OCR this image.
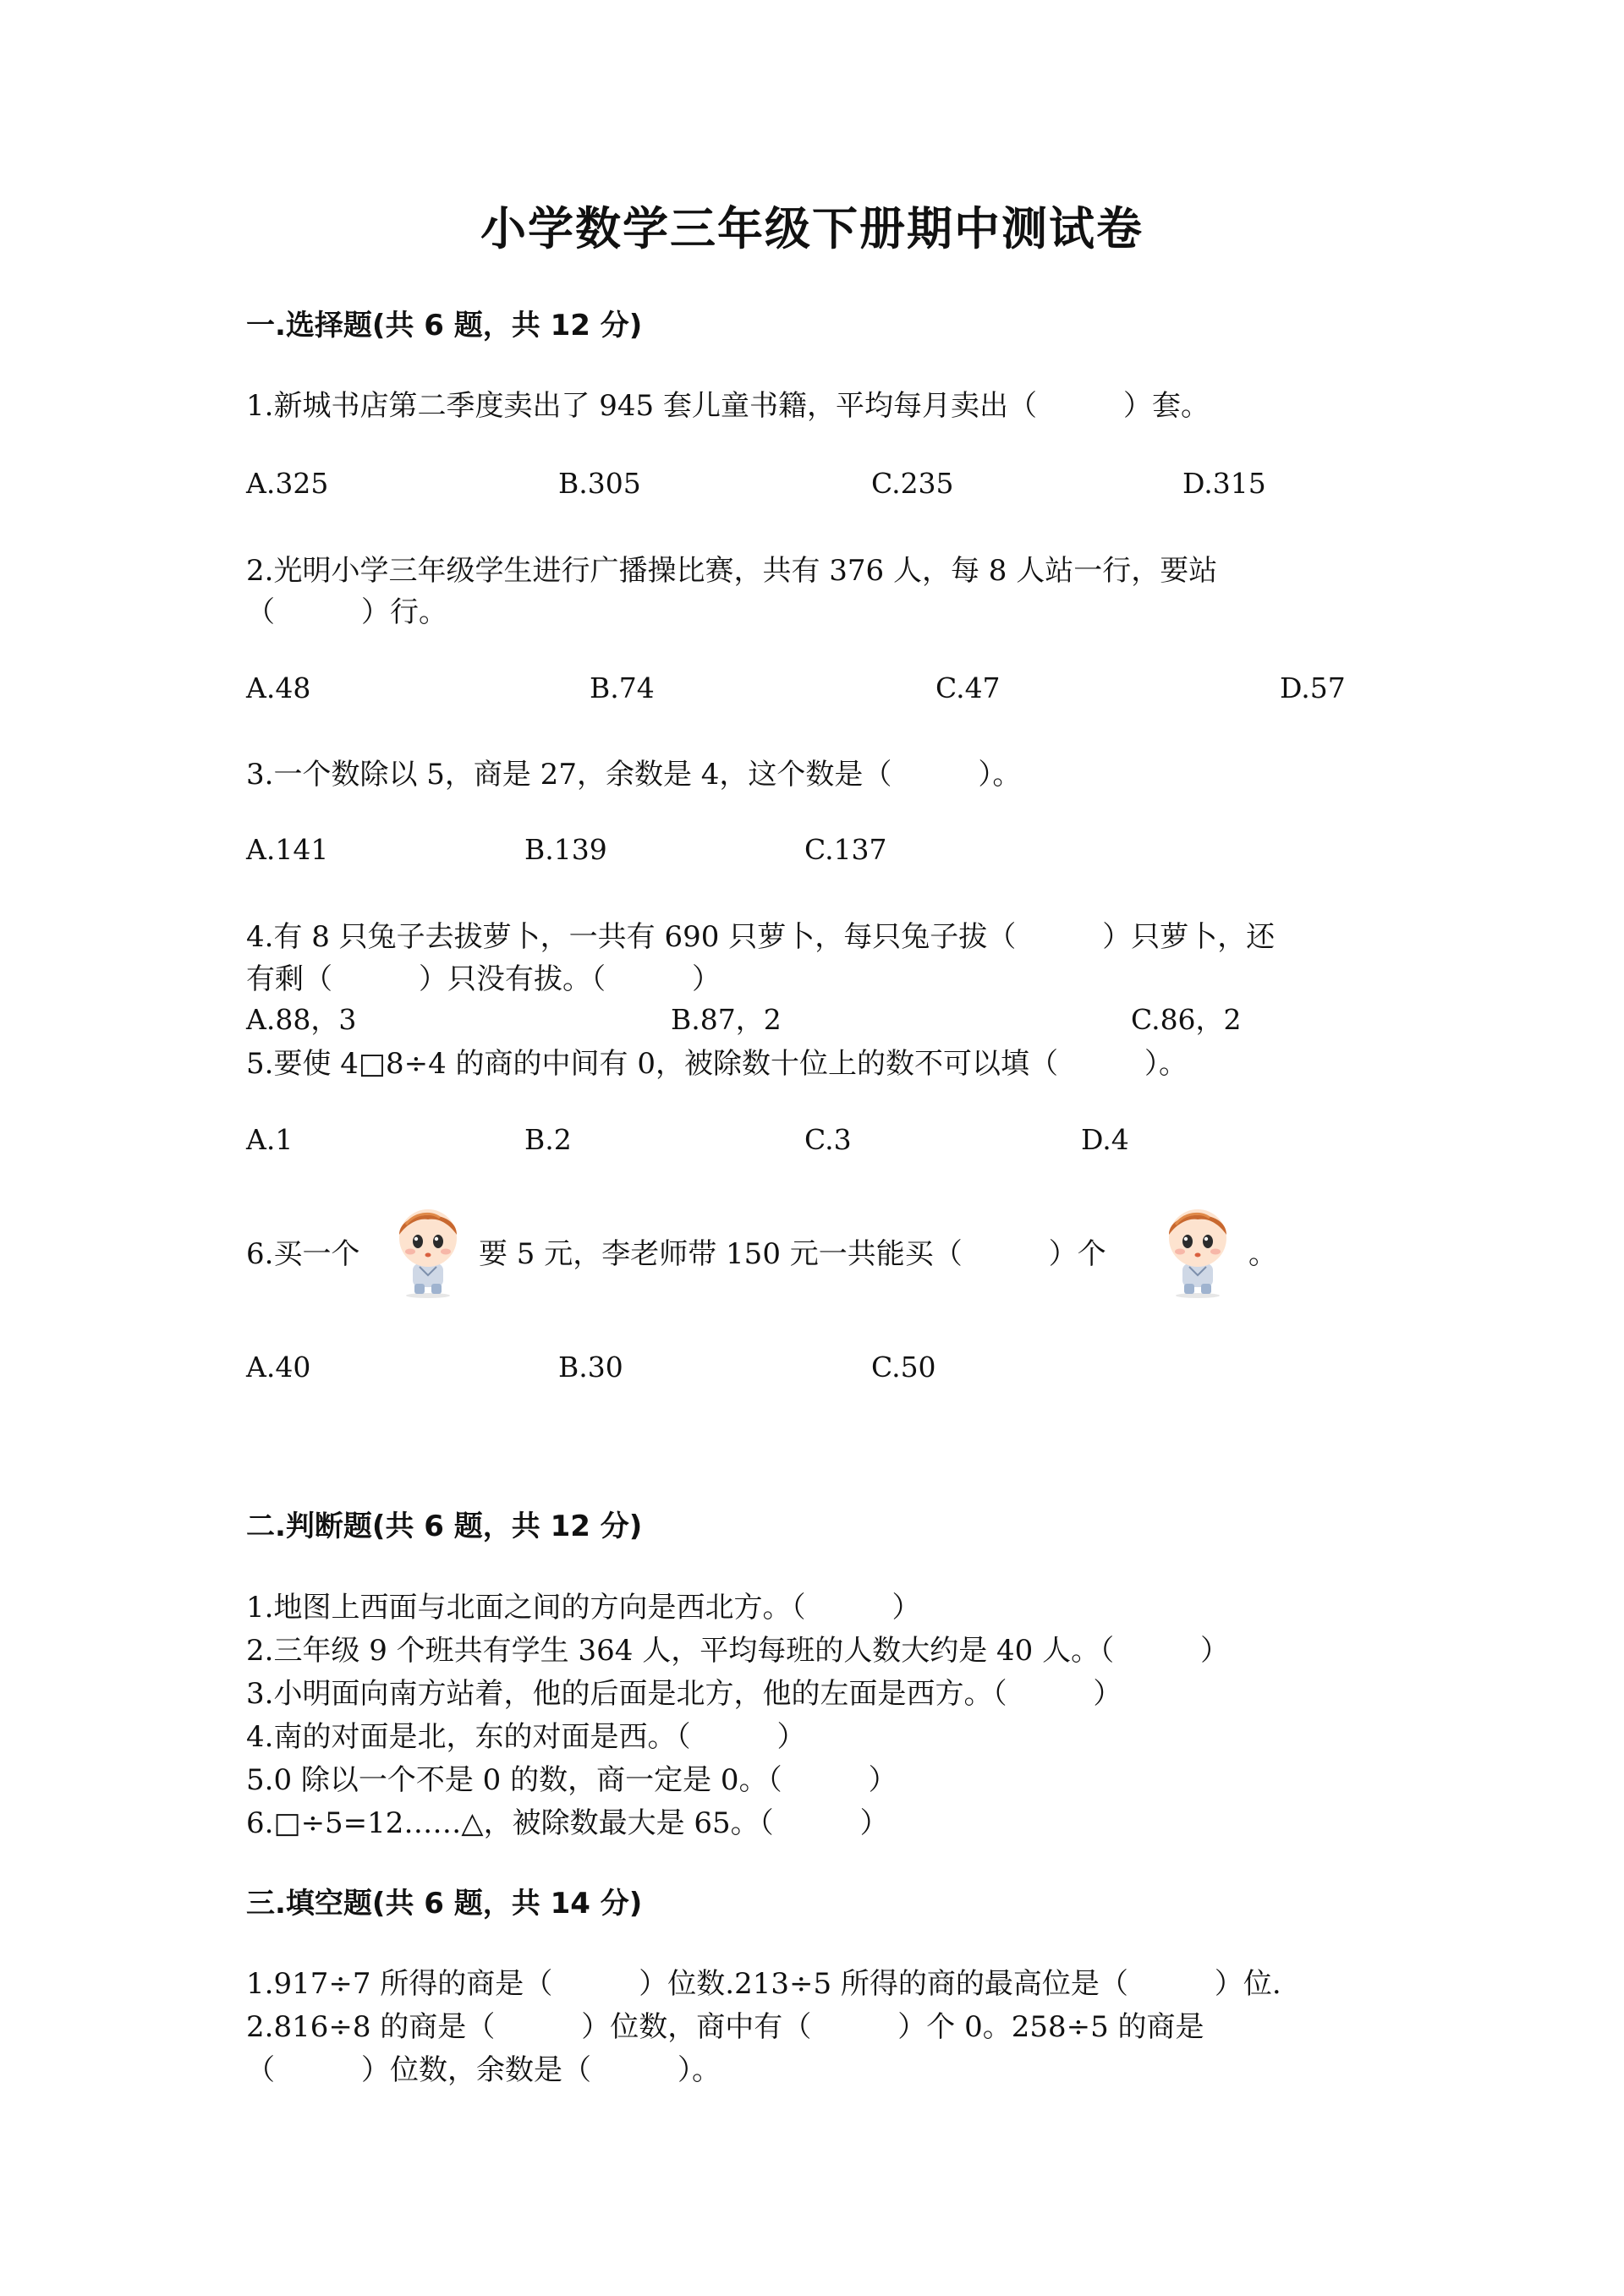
小学数学三年级下册期中测试卷
一.选择题(共 6 题，共 12 分)
1.新城书店第二季度卖出了 945 套儿童书籍，平均每月卖出（　　　）套。
A.325	B.305	C.235	D.315
2.光明小学三年级学生进行广播操比赛，共有 376 人，每 8 人站一行，要站
（　　　）行。
A.48	B.74	C.47	D.57
3.一个数除以 5，商是 27，余数是 4，这个数是（　　　）。
A.141	B.139	C.137
4.有 8 只兔子去拔萝卜，一共有 690 只萝卜，每只兔子拔（　　　）只萝卜，还
有剩（　　　）只没有拔。（　　　）
A.88，3	B.87，2	C.86，2
5.要使 4□8÷4 的商的中间有 0，被除数十位上的数不可以填（　　　）。
A.1	B.2	C.3	D.4
6.买一个	要 5 元，李老师带 150 元一共能买（　　　）个	。
A.40	B.30	C.50
二.判断题(共 6 题，共 12 分)
1.地图上西面与北面之间的方向是西北方。（　　　）
2.三年级 9 个班共有学生 364 人，平均每班的人数大约是 40 人。（　　　）
3.小明面向南方站着，他的后面是北方，他的左面是西方。（　　　）
4.南的对面是北，东的对面是西。（　　　）
5.0 除以一个不是 0 的数，商一定是 0。（　　　）
6.□÷5=12……△，被除数最大是 65。（　　　）
三.填空题(共 6 题，共 14 分)
1.917÷7 所得的商是（　　　）位数.213÷5 所得的商的最高位是（　　　）位.
2.816÷8 的商是（　　　）位数，商中有（　　　）个 0。258÷5 的商是
（　　　）位数，余数是（　　　）。
